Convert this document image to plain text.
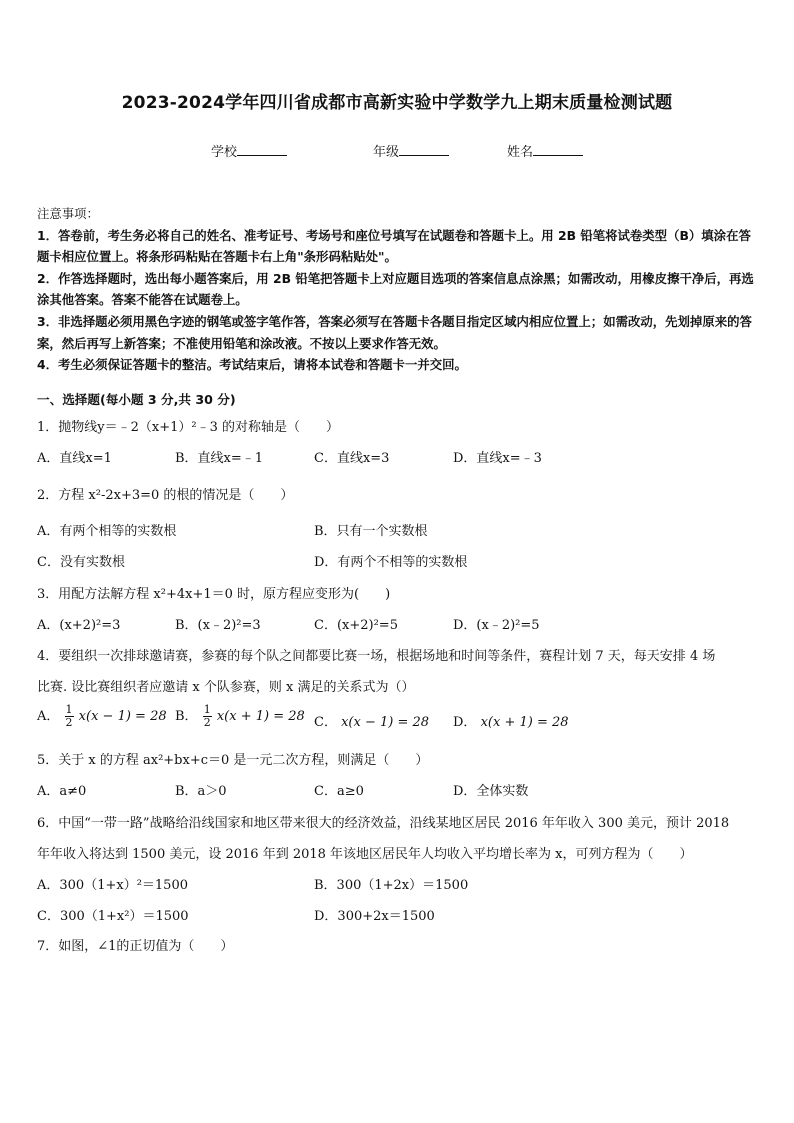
2023-2024学年四川省成都市高新实验中学数学九上期末质量检测试题
学校	年级	姓名

注意事项：

1．答卷前，考生务必将自己的姓名、准考证号、考场号和座位号填写在试题卷和答题卡上。用 2B 铅笔将试卷类型（B）填涂在答题卡相应位置上。将条形码粘贴在答题卡右上角"条形码粘贴处"。

2．作答选择题时，选出每小题答案后，用 2B 铅笔把答题卡上对应题目选项的答案信息点涂黑；如需改动，用橡皮擦干净后，再选涂其他答案。答案不能答在试题卷上。

3．非选择题必须用黑色字迹的钢笔或签字笔作答，答案必须写在答题卡各题目指定区域内相应位置上；如需改动，先划掉原来的答案，然后再写上新答案；不准使用铅笔和涂改液。不按以上要求作答无效。

4．考生必须保证答题卡的整洁。考试结束后，请将本试卷和答题卡一并交回。

一、选择题(每小题 3 分,共 30 分)
1．抛物线y＝﹣2（x+1）²﹣3 的对称轴是（　　）
A．直线x=1	B．直线x=﹣1	C．直线x=3	D．直线x=﹣3
2．方程 x²-2x+3=0 的根的情况是（　　）
A．有两个相等的实数根	B．只有一个实数根
C．没有实数根	D．有两个不相等的实数根
3．用配方法解方程 x²+4x+1＝0 时，原方程应变形为(　　)
A．(x+2)²=3	B．(x﹣2)²=3	C．(x+2)²=5	D．(x﹣2)²=5
4．要组织一次排球邀请赛，参赛的每个队之间都要比赛一场，根据场地和时间等条件，赛程计划 7 天，每天安排 4 场
比赛. 设比赛组织者应邀请 x 个队参赛，则 x 满足的关系式为（）
A． $\frac{1}{2} x(x - 1) = 28$ B． $\frac{1}{2} x(x + 1) = 28$ C． x(x − 1) = 28 D． x(x + 1) = 28
5．关于 x 的方程 ax²+bx+c＝0 是一元二次方程，则满足（　　）
A．a≠0	B．a＞0	C．a≥0	D．全体实数
6．中国“一带一路”战略给沿线国家和地区带来很大的经济效益，沿线某地区居民 2016 年年收入 300 美元，预计 2018
年年收入将达到 1500 美元，设 2016 年到 2018 年该地区居民年人均收入平均增长率为 x，可列方程为（　　）
A．300（1+x）²＝1500	B．300（1+2x）＝1500
C．300（1+x²）＝1500	D．300+2x＝1500
7．如图，∠1的正切值为（　　）
